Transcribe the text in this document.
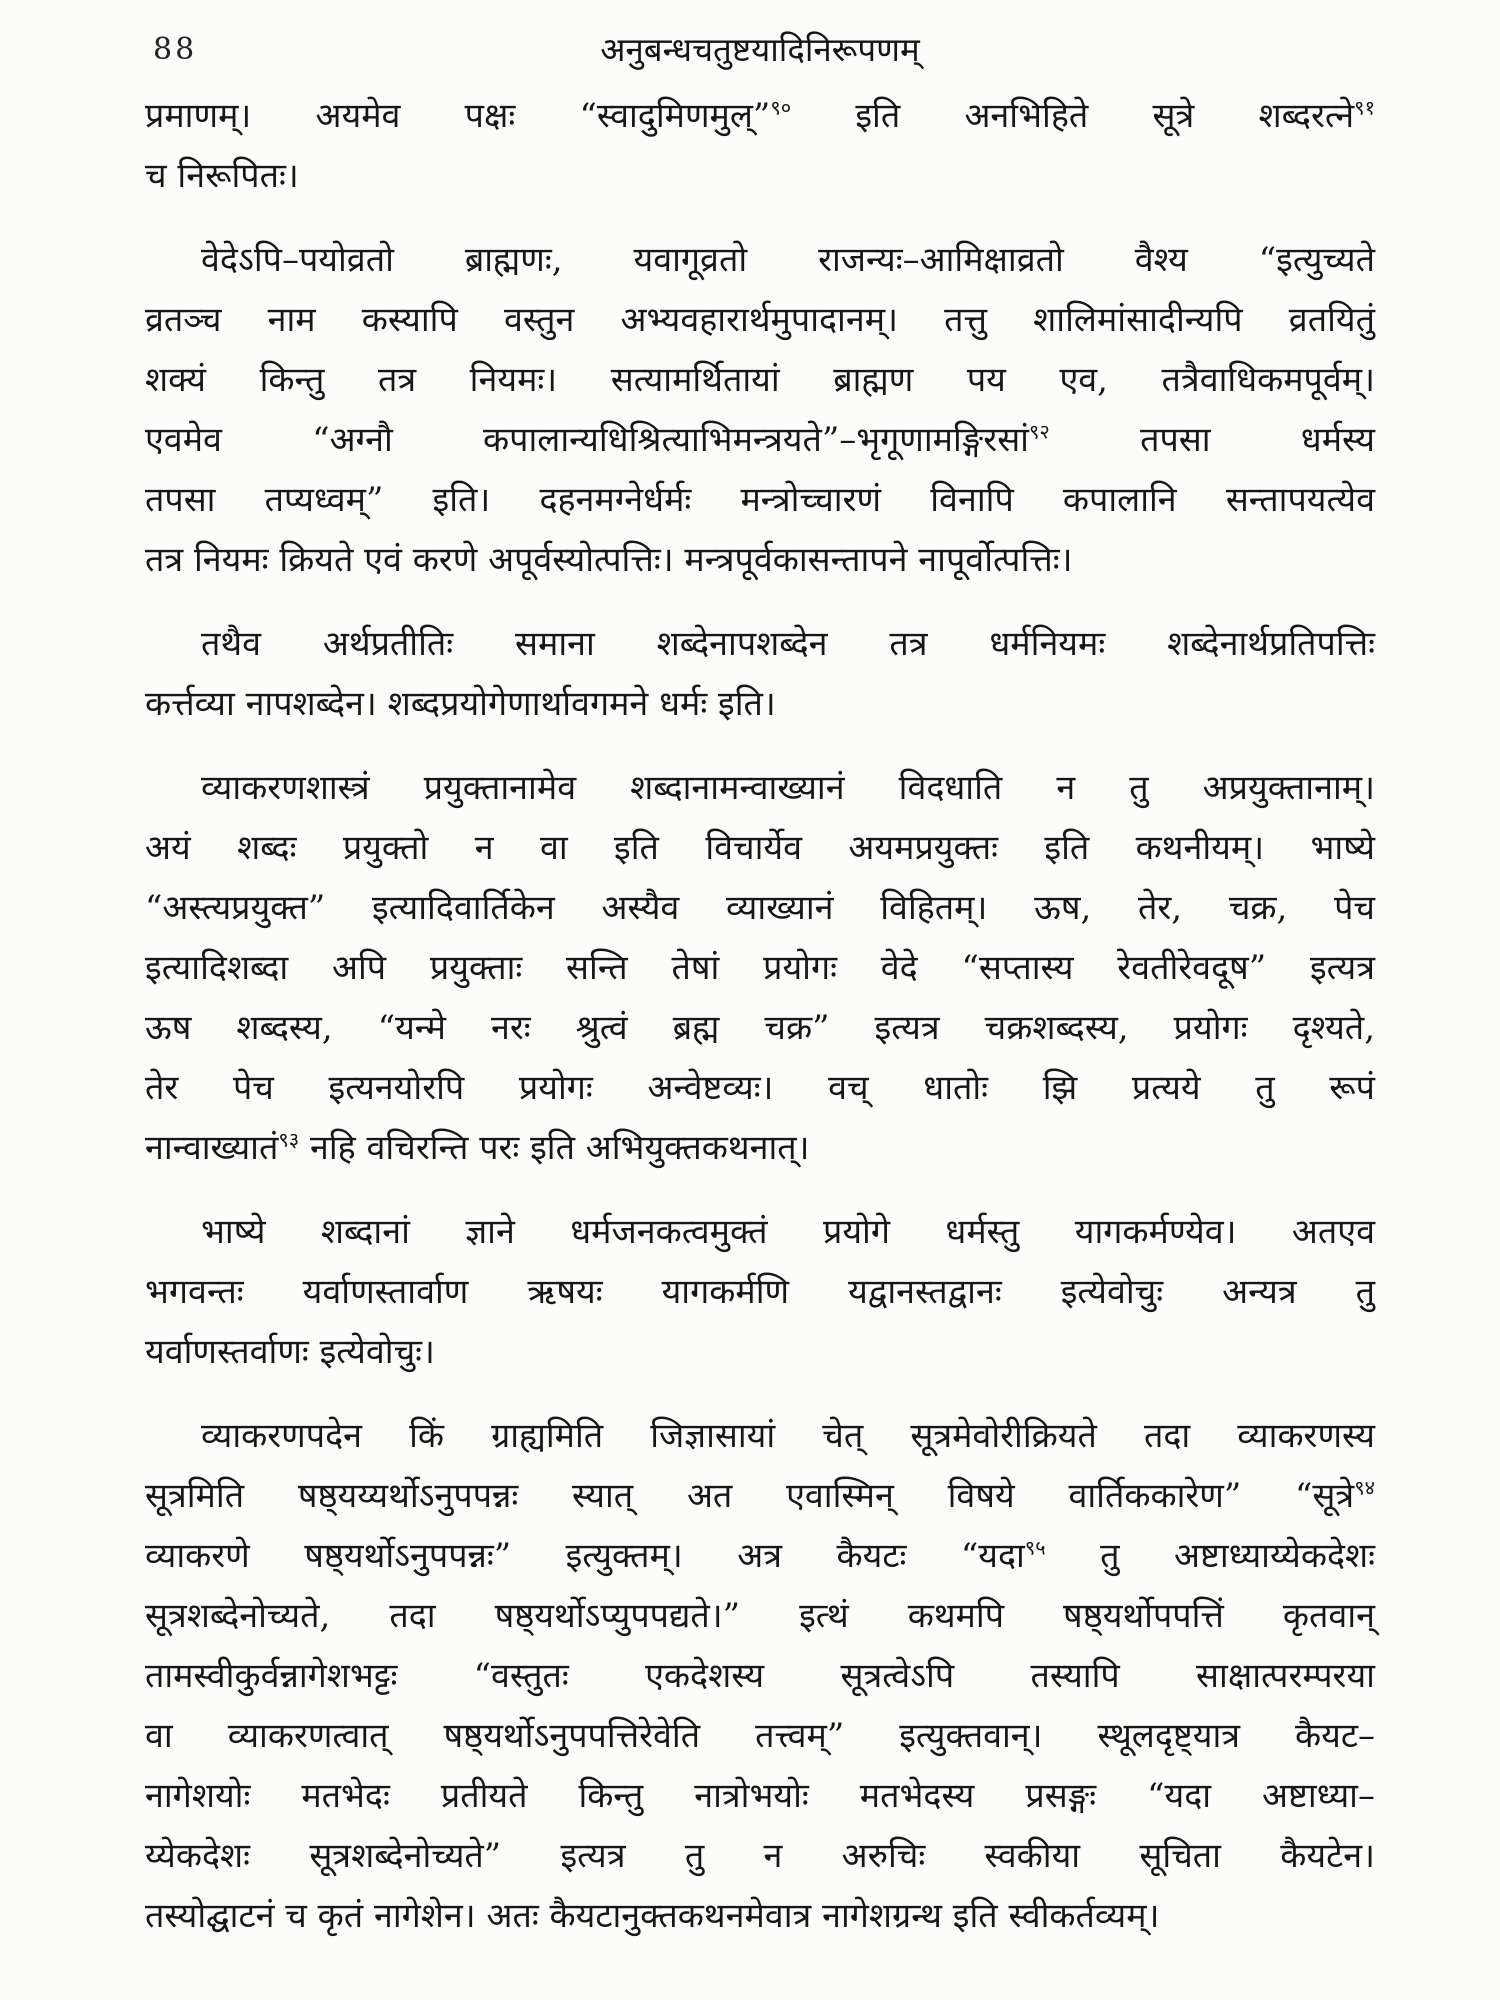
88	अनुबन्धचतुष्टयादिनिरूपणम्
प्रमाणम्। अयमेव पक्षः “स्वादुमिणमुल्”$^{९०}$ इति अनभिहिते सूत्रे शब्दरत्ने$^{९१}$
च निरूपितः।
वेदेऽपि–पयोव्रतो ब्राह्मणः, यवागूव्रतो राजन्यः–आमिक्षाव्रतो वैश्य “इत्युच्यते
व्रतञ्च नाम कस्यापि वस्तुन अभ्यवहारार्थमुपादानम्। तत्तु शालिमांसादीन्यपि व्रतयितुं
शक्यं किन्तु तत्र नियमः। सत्यामर्थितायां ब्राह्मण पय एव, तत्रैवाधिकमपूर्वम्।
एवमेव “अग्नौ कपालान्यधिश्रित्याभिमन्त्रयते”–भृगूणामङ्गिरसां$^{९२}$ तपसा धर्मस्य
तपसा तप्यध्वम्” इति। दहनमग्नेर्धर्मः मन्त्रोच्चारणं विनापि कपालानि सन्तापयत्येव
तत्र नियमः क्रियते एवं करणे अपूर्वस्योत्पत्तिः। मन्त्रपूर्वकासन्तापने नापूर्वोत्पत्तिः।
तथैव अर्थप्रतीतिः समाना शब्देनापशब्देन तत्र धर्मनियमः शब्देनार्थप्रतिपत्तिः
कर्त्तव्या नापशब्देन। शब्दप्रयोगेणार्थावगमने धर्मः इति।
व्याकरणशास्त्रं प्रयुक्तानामेव शब्दानामन्वाख्यानं विदधाति न तु अप्रयुक्तानाम्।
अयं शब्दः प्रयुक्तो न वा इति विचार्येव अयमप्रयुक्तः इति कथनीयम्। भाष्ये
“अस्त्यप्रयुक्त” इत्यादिवार्तिकेन अस्यैव व्याख्यानं विहितम्। ऊष, तेर, चक्र, पेच
इत्यादिशब्दा अपि प्रयुक्ताः सन्ति तेषां प्रयोगः वेदे “सप्तास्य रेवतीरेवदूष” इत्यत्र
ऊष शब्दस्य, “यन्मे नरः श्रुत्वं ब्रह्म चक्र” इत्यत्र चक्रशब्दस्य, प्रयोगः दृश्यते,
तेर पेच इत्यनयोरपि प्रयोगः अन्वेष्टव्यः। वच् धातोः झि प्रत्यये तु रूपं
नान्वाख्यातं$^{९३}$ नहि वचिरन्ति परः इति अभियुक्तकथनात्।
भाष्ये शब्दानां ज्ञाने धर्मजनकत्वमुक्तं प्रयोगे धर्मस्तु यागकर्मण्येव। अतएव
भगवन्तः यर्वाणस्तार्वाण ऋषयः यागकर्मणि यद्वानस्तद्वानः इत्येवोचुः अन्यत्र तु
यर्वाणस्तर्वाणः इत्येवोचुः।
व्याकरणपदेन किं ग्राह्यमिति जिज्ञासायां चेत् सूत्रमेवोरीक्रियते तदा व्याकरणस्य
सूत्रमिति षष्ठ्यय्यर्थोऽनुपपन्नः स्यात् अत एवास्मिन् विषये वार्तिककारेण” “सूत्रे$^{९४}$
व्याकरणे षष्ठ्यर्थोऽनुपपन्नः” इत्युक्तम्। अत्र कैयटः “यदा$^{९५}$ तु अष्टाध्याय्येकदेशः
सूत्रशब्देनोच्यते, तदा षष्ठ्यर्थोऽप्युपपद्यते।” इत्थं कथमपि षष्ठ्यर्थोपपत्तिं कृतवान्
तामस्वीकुर्वन्नागेशभट्टः “वस्तुतः एकदेशस्य सूत्रत्वेऽपि तस्यापि साक्षात्परम्परया
वा व्याकरणत्वात् षष्ठ्यर्थोऽनुपपत्तिरेवेति तत्त्वम्” इत्युक्तवान्। स्थूलदृष्ट्यात्र कैयट–
नागेशयोः मतभेदः प्रतीयते किन्तु नात्रोभयोः मतभेदस्य प्रसङ्गः “यदा अष्टाध्या–
य्येकदेशः सूत्रशब्देनोच्यते” इत्यत्र तु न अरुचिः स्वकीया सूचिता कैयटेन।
तस्योद्घाटनं च कृतं नागेशेन। अतः कैयटानुक्तकथनमेवात्र नागेशग्रन्थ इति स्वीकर्तव्यम्।
